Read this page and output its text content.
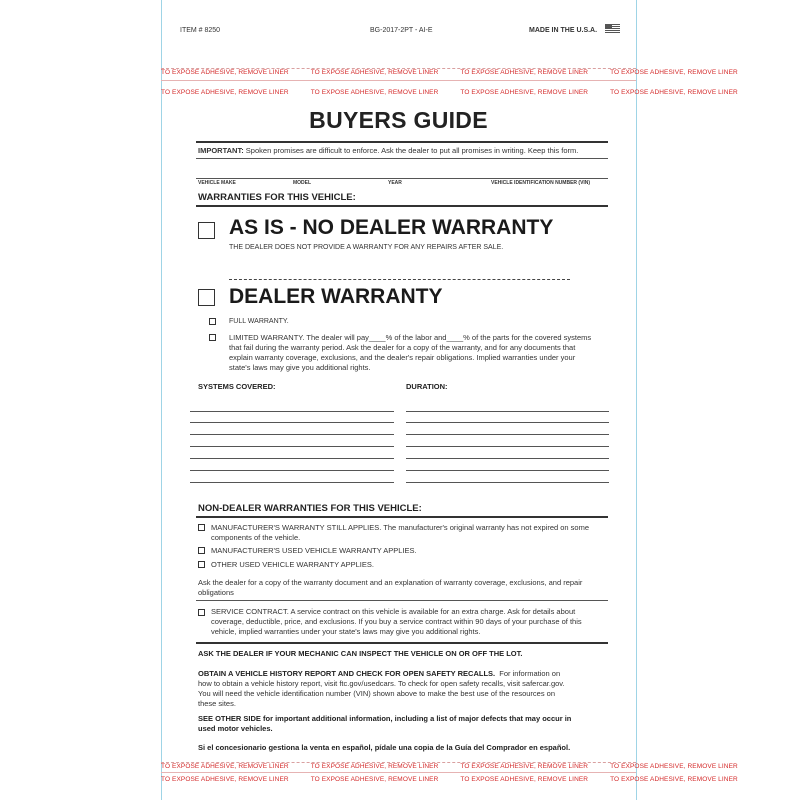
ITEM # 8250	BG-2017-2PT - AI-E	MADE IN THE U.S.A.
TO EXPOSE ADHESIVE, REMOVE LINER	TO EXPOSE ADHESIVE, REMOVE LINER	TO EXPOSE ADHESIVE, REMOVE LINER	TO EXPOSE ADHESIVE, REMOVE LINER
TO EXPOSE ADHESIVE, REMOVE LINER	TO EXPOSE ADHESIVE, REMOVE LINER	TO EXPOSE ADHESIVE, REMOVE LINER	TO EXPOSE ADHESIVE, REMOVE LINER
BUYERS GUIDE
IMPORTANT: Spoken promises are difficult to enforce. Ask the dealer to put all promises in writing. Keep this form.
VEHICLE MAKE	MODEL	YEAR	VEHICLE IDENTIFICATION NUMBER (VIN)
WARRANTIES FOR THIS VEHICLE:
AS IS - NO DEALER WARRANTY
THE DEALER DOES NOT PROVIDE A WARRANTY FOR ANY REPAIRS AFTER SALE.
DEALER WARRANTY
FULL WARRANTY.
LIMITED WARRANTY. The dealer will pay____% of the labor and____% of the parts for the covered systems
that fail during the warranty period. Ask the dealer for a copy of the warranty, and for any documents that
explain warranty coverage, exclusions, and the dealer's repair obligations. Implied warranties under your
state's laws may give you additional rights.
SYSTEMS COVERED:	DURATION:
NON-DEALER WARRANTIES FOR THIS VEHICLE:
MANUFACTURER'S WARRANTY STILL APPLIES. The manufacturer's original warranty has not expired on some
components of the vehicle.
MANUFACTURER'S USED VEHICLE WARRANTY APPLIES.
OTHER USED VEHICLE WARRANTY APPLIES.
Ask the dealer for a copy of the warranty document and an explanation of warranty coverage, exclusions, and repair
obligations
SERVICE CONTRACT. A service contract on this vehicle is available for an extra charge. Ask for details about
coverage, deductible, price, and exclusions. If you buy a service contract within 90 days of your purchase of this
vehicle, implied warranties under your state's laws may give you additional rights.
ASK THE DEALER IF YOUR MECHANIC CAN INSPECT THE VEHICLE ON OR OFF THE LOT.
OBTAIN A VEHICLE HISTORY REPORT AND CHECK FOR OPEN SAFETY RECALLS. For information on
how to obtain a vehicle history report, visit ftc.gov/usedcars. To check for open safety recalls, visit safercar.gov.
You will need the vehicle identification number (VIN) shown above to make the best use of the resources on
these sites.
SEE OTHER SIDE for important additional information, including a list of major defects that may occur in
used motor vehicles.
Si el concesionario gestiona la venta en español, pídale una copia de la Guía del Comprador en español.
TO EXPOSE ADHESIVE, REMOVE LINER	TO EXPOSE ADHESIVE, REMOVE LINER	TO EXPOSE ADHESIVE, REMOVE LINER	TO EXPOSE ADHESIVE, REMOVE LINER
TO EXPOSE ADHESIVE, REMOVE LINER	TO EXPOSE ADHESIVE, REMOVE LINER	TO EXPOSE ADHESIVE, REMOVE LINER	TO EXPOSE ADHESIVE, REMOVE LINER
